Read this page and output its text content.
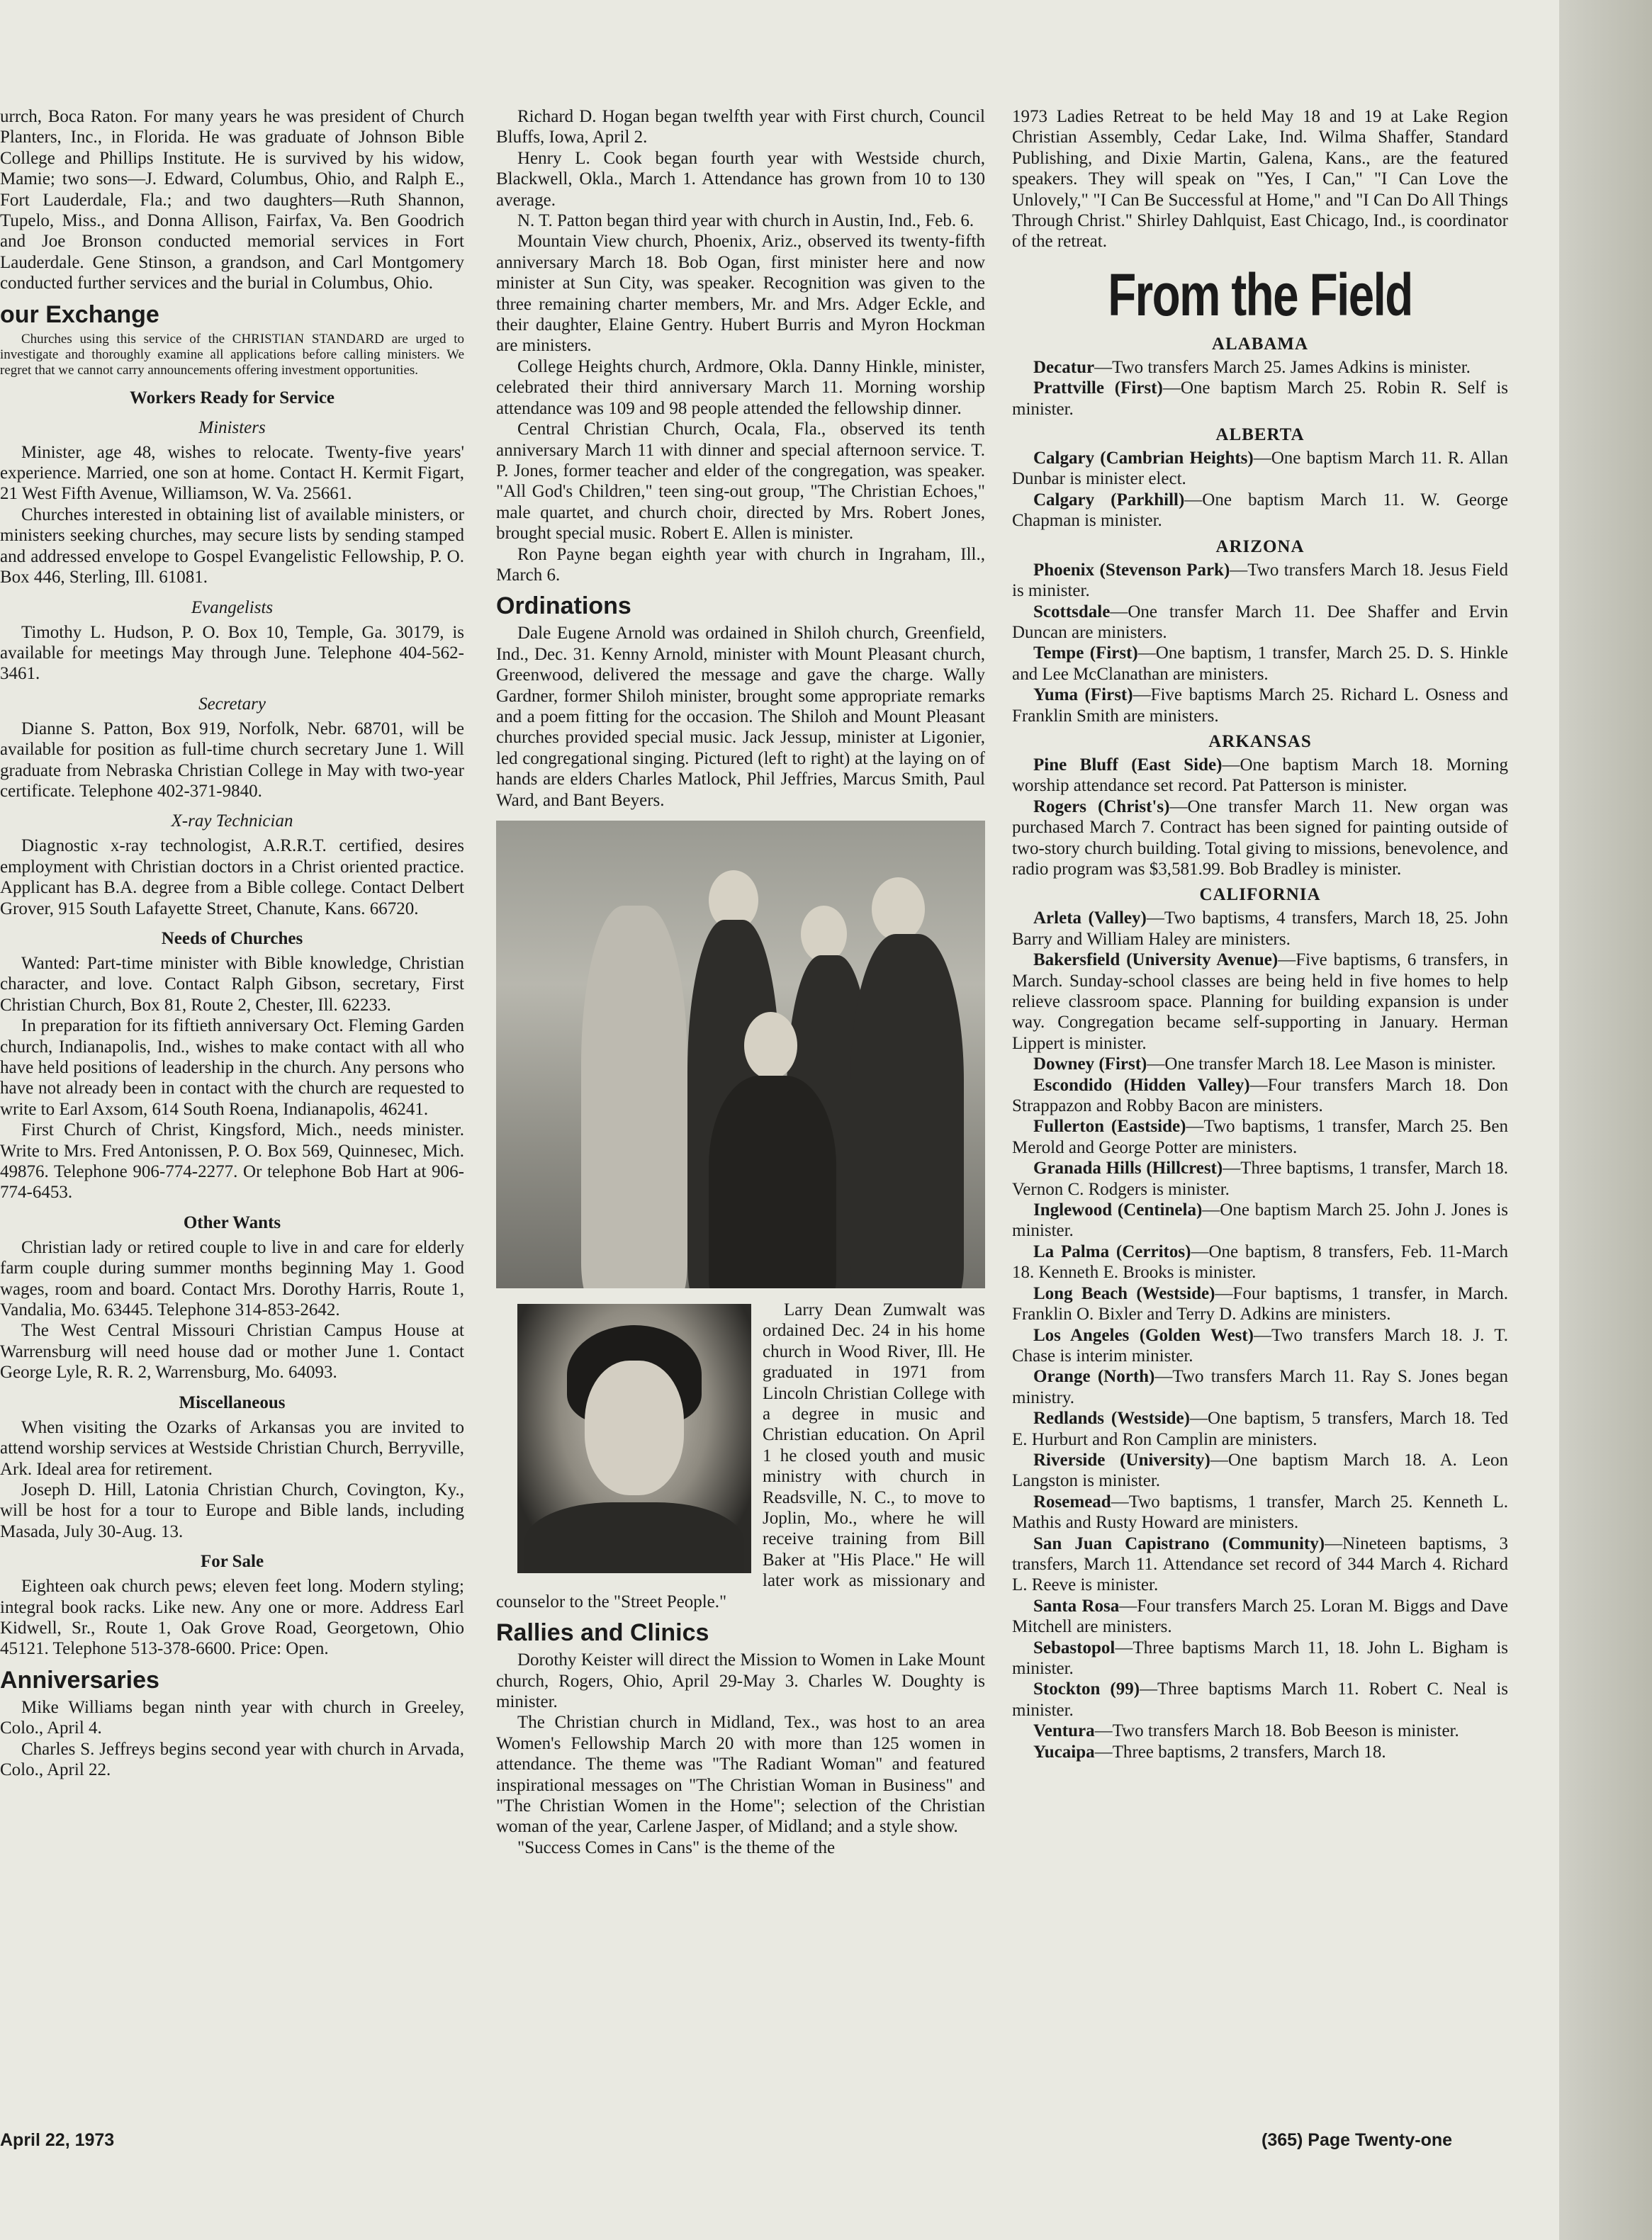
urrch, Boca Raton. For many years he was president of Church Planters, Inc., in Florida. He was graduate of Johnson Bible College and Phillips Institute. He is survived by his widow, Mamie; two sons—J. Edward, Columbus, Ohio, and Ralph E., Fort Lauderdale, Fla.; and two daughters—Ruth Shannon, Tupelo, Miss., and Donna Allison, Fairfax, Va. Ben Goodrich and Joe Bronson conducted memorial services in Fort Lauderdale. Gene Stinson, a grandson, and Carl Montgomery conducted further services and the burial in Columbus, Ohio.

our Exchange

Churches using this service of the CHRISTIAN STANDARD are urged to investigate and thoroughly examine all applications before calling ministers. We regret that we cannot carry announcements offering investment opportunities.

Workers Ready for Service
Ministers

Minister, age 48, wishes to relocate. Twenty-five years' experience. Married, one son at home. Contact H. Kermit Figart, 21 West Fifth Avenue, Williamson, W. Va. 25661.

Churches interested in obtaining list of available ministers, or ministers seeking churches, may secure lists by sending stamped and addressed envelope to Gospel Evangelistic Fellowship, P. O. Box 446, Sterling, Ill. 61081.

Evangelists

Timothy L. Hudson, P. O. Box 10, Temple, Ga. 30179, is available for meetings May through June. Telephone 404-562-3461.

Secretary

Dianne S. Patton, Box 919, Norfolk, Nebr. 68701, will be available for position as full-time church secretary June 1. Will graduate from Nebraska Christian College in May with two-year certificate. Telephone 402-371-9840.

X-ray Technician

Diagnostic x-ray technologist, A.R.R.T. certified, desires employment with Christian doctors in a Christ oriented practice. Applicant has B.A. degree from a Bible college. Contact Delbert Grover, 915 South Lafayette Street, Chanute, Kans. 66720.

Needs of Churches

Wanted: Part-time minister with Bible knowledge, Christian character, and love. Contact Ralph Gibson, secretary, First Christian Church, Box 81, Route 2, Chester, Ill. 62233.

In preparation for its fiftieth anniversary Oct. Fleming Garden church, Indianapolis, Ind., wishes to make contact with all who have held positions of leadership in the church. Any persons who have not already been in contact with the church are requested to write to Earl Axsom, 614 South Roena, Indianapolis, 46241.

First Church of Christ, Kingsford, Mich., needs minister. Write to Mrs. Fred Antonissen, P. O. Box 569, Quinnesec, Mich. 49876. Telephone 906-774-2277. Or telephone Bob Hart at 906-774-6453.

Other Wants

Christian lady or retired couple to live in and care for elderly farm couple during summer months beginning May 1. Good wages, room and board. Contact Mrs. Dorothy Harris, Route 1, Vandalia, Mo. 63445. Telephone 314-853-2642.

The West Central Missouri Christian Campus House at Warrensburg will need house dad or mother June 1. Contact George Lyle, R. R. 2, Warrensburg, Mo. 64093.

Miscellaneous

When visiting the Ozarks of Arkansas you are invited to attend worship services at Westside Christian Church, Berryville, Ark. Ideal area for retirement.

Joseph D. Hill, Latonia Christian Church, Covington, Ky., will be host for a tour to Europe and Bible lands, including Masada, July 30-Aug. 13.

For Sale

Eighteen oak church pews; eleven feet long. Modern styling; integral book racks. Like new. Any one or more. Address Earl Kidwell, Sr., Route 1, Oak Grove Road, Georgetown, Ohio 45121. Telephone 513-378-6600. Price: Open.

Anniversaries

Mike Williams began ninth year with church in Greeley, Colo., April 4.

Charles S. Jeffreys begins second year with church in Arvada, Colo., April 22.

Richard D. Hogan began twelfth year with First church, Council Bluffs, Iowa, April 2.

Henry L. Cook began fourth year with Westside church, Blackwell, Okla., March 1. Attendance has grown from 10 to 130 average.

N. T. Patton began third year with church in Austin, Ind., Feb. 6.

Mountain View church, Phoenix, Ariz., observed its twenty-fifth anniversary March 18. Bob Ogan, first minister here and now minister at Sun City, was speaker. Recognition was given to the three remaining charter members, Mr. and Mrs. Adger Eckle, and their daughter, Elaine Gentry. Hubert Burris and Myron Hockman are ministers.

College Heights church, Ardmore, Okla. Danny Hinkle, minister, celebrated their third anniversary March 11. Morning worship attendance was 109 and 98 people attended the fellowship dinner.

Central Christian Church, Ocala, Fla., observed its tenth anniversary March 11 with dinner and special afternoon service. T. P. Jones, former teacher and elder of the congregation, was speaker. "All God's Children," teen sing-out group, "The Christian Echoes," male quartet, and church choir, directed by Mrs. Robert Jones, brought special music. Robert E. Allen is minister.

Ron Payne began eighth year with church in Ingraham, Ill., March 6.

Ordinations

Dale Eugene Arnold was ordained in Shiloh church, Greenfield, Ind., Dec. 31. Kenny Arnold, minister with Mount Pleasant church, Greenwood, delivered the message and gave the charge. Wally Gardner, former Shiloh minister, brought some appropriate remarks and a poem fitting for the occasion. The Shiloh and Mount Pleasant churches provided special music. Jack Jessup, minister at Ligonier, led congregational singing. Pictured (left to right) at the laying on of hands are elders Charles Matlock, Phil Jeffries, Marcus Smith, Paul Ward, and Bant Beyers.

Larry Dean Zumwalt was ordained Dec. 24 in his home church in Wood River, Ill. He graduated in 1971 from Lincoln Christian College with a degree in music and Christian education. On April 1 he closed youth and music ministry with church in Readsville, N. C., to move to Joplin, Mo., where he will receive training from Bill Baker at "His Place." He will later work as missionary and counselor to the "Street People."

Rallies and Clinics

Dorothy Keister will direct the Mission to Women in Lake Mount church, Rogers, Ohio, April 29-May 3. Charles W. Doughty is minister.

The Christian church in Midland, Tex., was host to an area Women's Fellowship March 20 with more than 125 women in attendance. The theme was "The Radiant Woman" and featured inspirational messages on "The Christian Woman in Business" and "The Christian Women in the Home"; selection of the Christian woman of the year, Carlene Jasper, of Midland; and a style show.

"Success Comes in Cans" is the theme of the

1973 Ladies Retreat to be held May 18 and 19 at Lake Region Christian Assembly, Cedar Lake, Ind. Wilma Shaffer, Standard Publishing, and Dixie Martin, Galena, Kans., are the featured speakers. They will speak on "Yes, I Can," "I Can Love the Unlovely," "I Can Be Successful at Home," and "I Can Do All Things Through Christ." Shirley Dahlquist, East Chicago, Ind., is coordinator of the retreat.

From the Field
ALABAMA

Decatur—Two transfers March 25. James Adkins is minister.

Prattville (First)—One baptism March 25. Robin R. Self is minister.

ALBERTA

Calgary (Cambrian Heights)—One baptism March 11. R. Allan Dunbar is minister elect.

Calgary (Parkhill)—One baptism March 11. W. George Chapman is minister.

ARIZONA

Phoenix (Stevenson Park)—Two transfers March 18. Jesus Field is minister.

Scottsdale—One transfer March 11. Dee Shaffer and Ervin Duncan are ministers.

Tempe (First)—One baptism, 1 transfer, March 25. D. S. Hinkle and Lee McClanathan are ministers.

Yuma (First)—Five baptisms March 25. Richard L. Osness and Franklin Smith are ministers.

ARKANSAS

Pine Bluff (East Side)—One baptism March 18. Morning worship attendance set record. Pat Patterson is minister.

Rogers (Christ's)—One transfer March 11. New organ was purchased March 7. Contract has been signed for painting outside of two-story church building. Total giving to missions, benevolence, and radio program was $3,581.99. Bob Bradley is minister.

CALIFORNIA

Arleta (Valley)—Two baptisms, 4 transfers, March 18, 25. John Barry and William Haley are ministers.

Bakersfield (University Avenue)—Five baptisms, 6 transfers, in March. Sunday-school classes are being held in five homes to help relieve classroom space. Planning for building expansion is under way. Congregation became self-supporting in January. Herman Lippert is minister.

Downey (First)—One transfer March 18. Lee Mason is minister.

Escondido (Hidden Valley)—Four transfers March 18. Don Strappazon and Robby Bacon are ministers.

Fullerton (Eastside)—Two baptisms, 1 transfer, March 25. Ben Merold and George Potter are ministers.

Granada Hills (Hillcrest)—Three baptisms, 1 transfer, March 18. Vernon C. Rodgers is minister.

Inglewood (Centinela)—One baptism March 25. John J. Jones is minister.

La Palma (Cerritos)—One baptism, 8 transfers, Feb. 11-March 18. Kenneth E. Brooks is minister.

Long Beach (Westside)—Four baptisms, 1 transfer, in March. Franklin O. Bixler and Terry D. Adkins are ministers.

Los Angeles (Golden West)—Two transfers March 18. J. T. Chase is interim minister.

Orange (North)—Two transfers March 11. Ray S. Jones began ministry.

Redlands (Westside)—One baptism, 5 transfers, March 18. Ted E. Hurburt and Ron Camplin are ministers.

Riverside (University)—One baptism March 18. A. Leon Langston is minister.

Rosemead—Two baptisms, 1 transfer, March 25. Kenneth L. Mathis and Rusty Howard are ministers.

San Juan Capistrano (Community)—Nineteen baptisms, 3 transfers, March 11. Attendance set record of 344 March 4. Richard L. Reeve is minister.

Santa Rosa—Four transfers March 25. Loran M. Biggs and Dave Mitchell are ministers.

Sebastopol—Three baptisms March 11, 18. John L. Bigham is minister.

Stockton (99)—Three baptisms March 11. Robert C. Neal is minister.

Ventura—Two transfers March 18. Bob Beeson is minister.

Yucaipa—Three baptisms, 2 transfers, March 18.

April 22, 1973	(365) Page Twenty-one
